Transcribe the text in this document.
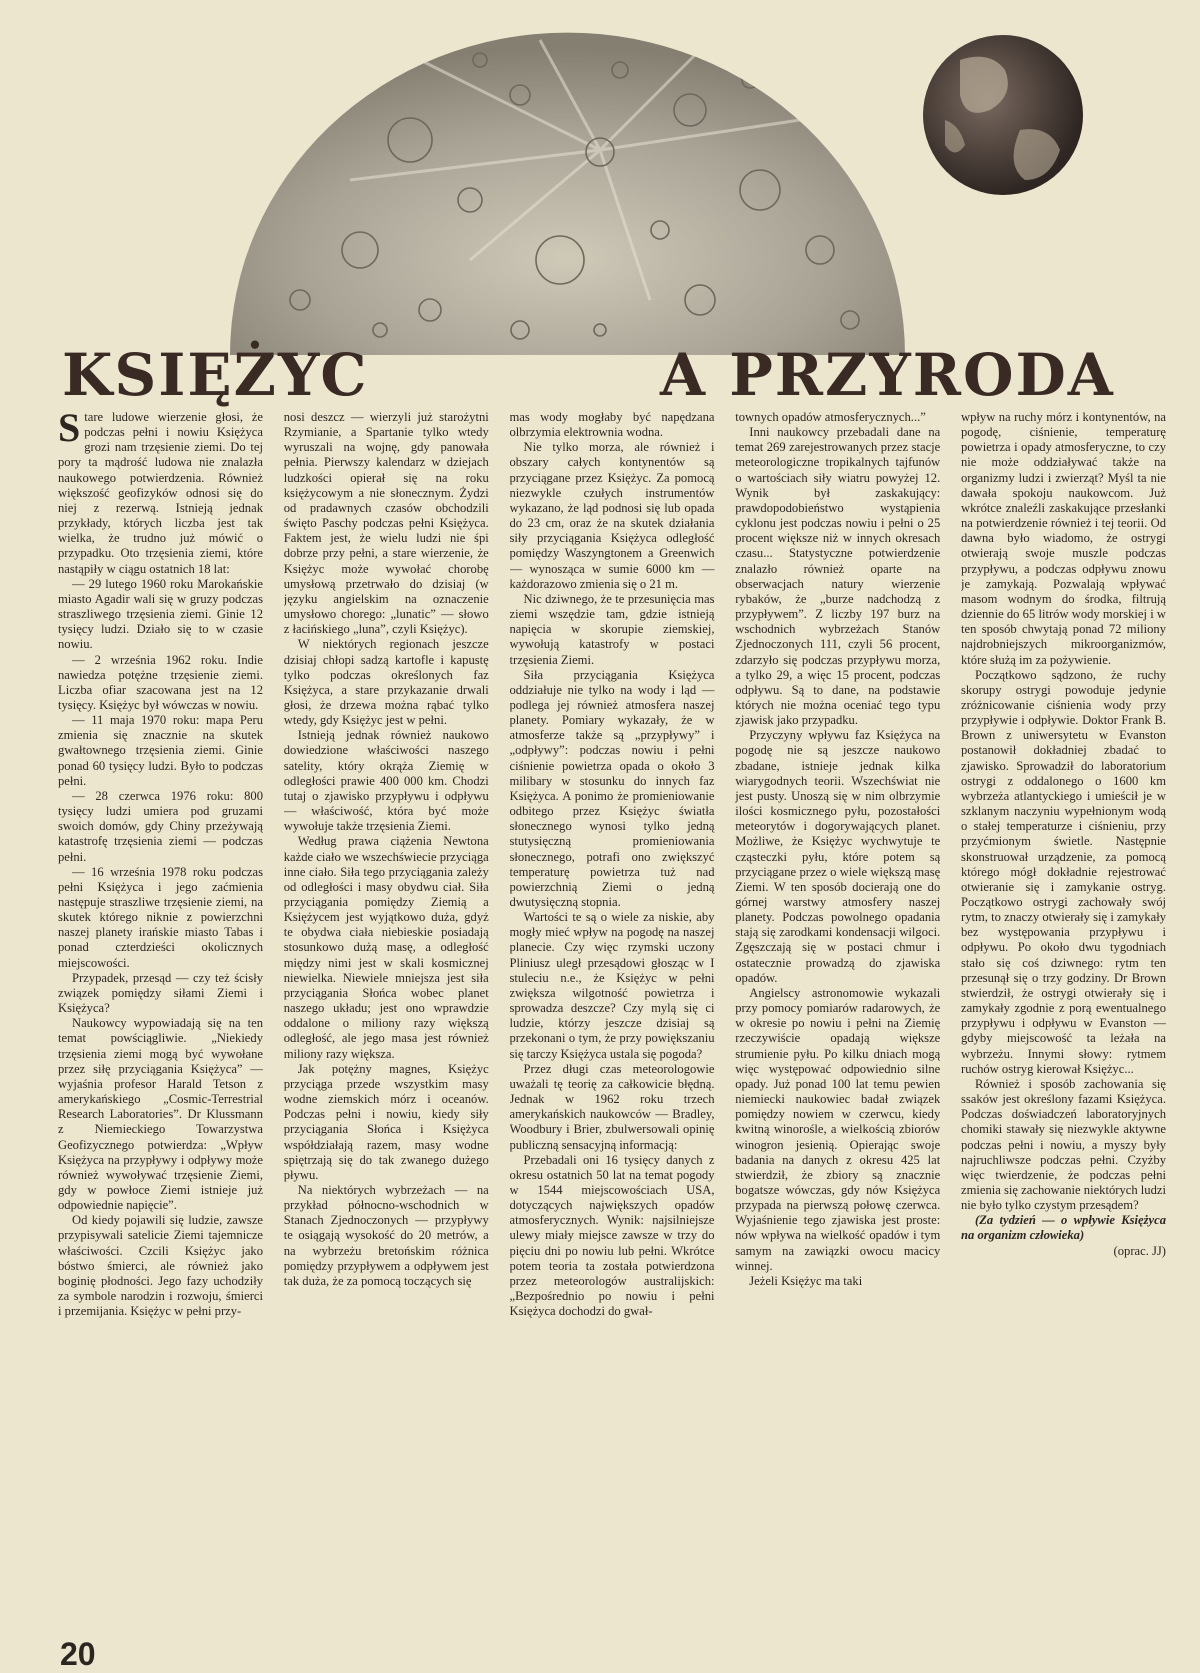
KSIĘŻYC	A PRZYRODA

Stare ludowe wierzenie głosi, że podczas pełni i nowiu Księżyca grozi nam trzęsienie ziemi. Do tej pory ta mądrość ludowa nie znalazła naukowego potwierdzenia. Również większość geofizyków odnosi się do niej z rezerwą. Istnieją jednak przykłady, których liczba jest tak wielka, że trudno już mówić o przypadku. Oto trzęsienia ziemi, które nastąpiły w ciągu ostatnich 18 lat:

— 29 lutego 1960 roku Marokańskie miasto Agadir wali się w gruzy podczas straszliwego trzęsienia ziemi. Ginie 12 tysięcy ludzi. Działo się to w czasie nowiu.

— 2 września 1962 roku. Indie nawiedza potężne trzęsienie ziemi. Liczba ofiar szacowana jest na 12 tysięcy. Księżyc był wówczas w nowiu.

— 11 maja 1970 roku: mapa Peru zmienia się znacznie na skutek gwałtownego trzęsienia ziemi. Ginie ponad 60 tysięcy ludzi. Było to podczas pełni.

— 28 czerwca 1976 roku: 800 tysięcy ludzi umiera pod gruzami swoich domów, gdy Chiny przeżywają katastrofę trzęsienia ziemi — podczas pełni.

— 16 września 1978 roku podczas pełni Księżyca i jego zaćmienia następuje straszliwe trzęsienie ziemi, na skutek którego niknie z powierzchni naszej planety irańskie miasto Tabas i ponad czterdzieści okolicznych miejscowości.

Przypadek, przesąd — czy też ścisły związek pomiędzy siłami Ziemi i Księżyca?

Naukowcy wypowiadają się na ten temat powściągliwie. „Niekiedy trzęsienia ziemi mogą być wywołane przez siłę przyciągania Księżyca” — wyjaśnia profesor Harald Tetson z amerykańskiego „Cosmic-Terrestrial Research Laboratories”. Dr Klussmann z Niemieckiego Towarzystwa Geofizycznego potwierdza: „Wpływ Księżyca na przypływy i odpływy może również wywoływać trzęsienie Ziemi, gdy w powłoce Ziemi istnieje już odpowiednie napięcie”.

Od kiedy pojawili się ludzie, zawsze przypisywali satelicie Ziemi tajemnicze właściwości. Czcili Księżyc jako bóstwo śmierci, ale również jako boginię płodności. Jego fazy uchodziły za symbole narodzin i rozwoju, śmierci i przemijania. Księżyc w pełni przy-

nosi deszcz — wierzyli już starożytni Rzymianie, a Spartanie tylko wtedy wyruszali na wojnę, gdy panowała pełnia. Pierwszy kalendarz w dziejach ludzkości opierał się na roku księżycowym a nie słonecznym. Żydzi od pradawnych czasów obchodzili święto Paschy podczas pełni Księżyca. Faktem jest, że wielu ludzi nie śpi dobrze przy pełni, a stare wierzenie, że Księżyc może wywołać chorobę umysłową przetrwało do dzisiaj (w języku angielskim na oznaczenie umysłowo chorego: „lunatic” — słowo z łacińskiego „luna”, czyli Księżyc).

W niektórych regionach jeszcze dzisiaj chłopi sadzą kartofle i kapustę tylko podczas określonych faz Księżyca, a stare przykazanie drwali głosi, że drzewa można rąbać tylko wtedy, gdy Księżyc jest w pełni.

Istnieją jednak również naukowo dowiedzione właściwości naszego satelity, który okrąża Ziemię w odległości prawie 400 000 km. Chodzi tutaj o zjawisko przypływu i odpływu — właściwość, która być może wywołuje także trzęsienia Ziemi.

Według prawa ciążenia Newtona każde ciało we wszechświecie przyciąga inne ciało. Siła tego przyciągania zależy od odległości i masy obydwu ciał. Siła przyciągania pomiędzy Ziemią a Księżycem jest wyjątkowo duża, gdyż te obydwa ciała niebieskie posiadają stosunkowo dużą masę, a odległość między nimi jest w skali kosmicznej niewielka. Niewiele mniejsza jest siła przyciągania Słońca wobec planet naszego układu; jest ono wprawdzie oddalone o miliony razy większą odległość, ale jego masa jest również miliony razy większa.

Jak potężny magnes, Księżyc przyciąga przede wszystkim masy wodne ziemskich mórz i oceanów. Podczas pełni i nowiu, kiedy siły przyciągania Słońca i Księżyca współdziałają razem, masy wodne spiętrzają się do tak zwanego dużego pływu.

Na niektórych wybrzeżach — na przykład północno-wschodnich w Stanach Zjednoczonych — przypływy te osiągają wysokość do 20 metrów, a na wybrzeżu bretońskim różnica pomiędzy przypływem a odpływem jest tak duża, że za pomocą toczących się

mas wody mogłaby być napędzana olbrzymia elektrownia wodna.

Nie tylko morza, ale również i obszary całych kontynentów są przyciągane przez Księżyc. Za pomocą niezwykle czułych instrumentów wykazano, że ląd podnosi się lub opada do 23 cm, oraz że na skutek działania siły przyciągania Księżyca odległość pomiędzy Waszyngtonem a Greenwich — wynosząca w sumie 6000 km — każdorazowo zmienia się o 21 m.

Nic dziwnego, że te przesunięcia mas ziemi wszędzie tam, gdzie istnieją napięcia w skorupie ziemskiej, wywołują katastrofy w postaci trzęsienia Ziemi.

Siła przyciągania Księżyca oddziałuje nie tylko na wody i ląd — podlega jej również atmosfera naszej planety. Pomiary wykazały, że w atmosferze także są „przypływy” i „odpływy”: podczas nowiu i pełni ciśnienie powietrza opada o około 3 milibary w stosunku do innych faz Księżyca. A ponimo że promieniowanie odbitego przez Księżyc światła słonecznego wynosi tylko jedną stutysięczną promieniowania słonecznego, potrafi ono zwiększyć temperaturę powietrza tuż nad powierzchnią Ziemi o jedną dwutysięczną stopnia.

Wartości te są o wiele za niskie, aby mogły mieć wpływ na pogodę na naszej planecie. Czy więc rzymski uczony Pliniusz uległ przesądowi głosząc w I stuleciu n.e., że Księżyc w pełni zwiększa wilgotność powietrza i sprowadza deszcze? Czy mylą się ci ludzie, którzy jeszcze dzisiaj są przekonani o tym, że przy powiększaniu się tarczy Księżyca ustala się pogoda?

Przez długi czas meteorologowie uważali tę teorię za całkowicie błędną. Jednak w 1962 roku trzech amerykańskich naukowców — Bradley, Woodbury i Brier, zbulwersowali opinię publiczną sensacyjną informacją:

Przebadali oni 16 tysięcy danych z okresu ostatnich 50 lat na temat pogody w 1544 miejscowościach USA, dotyczących największych opadów atmosferycznych. Wynik: najsilniejsze ulewy miały miejsce zawsze w trzy do pięciu dni po nowiu lub pełni. Wkrótce potem teoria ta została potwierdzona przez meteorologów australijskich: „Bezpośrednio po nowiu i pełni Księżyca dochodzi do gwał-

townych opadów atmosferycznych...”

Inni naukowcy przebadali dane na temat 269 zarejestrowanych przez stacje meteorologiczne tropikalnych tajfunów o wartościach siły wiatru powyżej 12. Wynik był zaskakujący: prawdopodobieństwo wystąpienia cyklonu jest podczas nowiu i pełni o 25 procent większe niż w innych okresach czasu... Statystyczne potwierdzenie znalazło również oparte na obserwacjach natury wierzenie rybaków, że „burze nadchodzą z przypływem”. Z liczby 197 burz na wschodnich wybrzeżach Stanów Zjednoczonych 111, czyli 56 procent, zdarzyło się podczas przypływu morza, a tylko 29, a więc 15 procent, podczas odpływu. Są to dane, na podstawie których nie można oceniać tego typu zjawisk jako przypadku.

Przyczyny wpływu faz Księżyca na pogodę nie są jeszcze naukowo zbadane, istnieje jednak kilka wiarygodnych teorii. Wszechświat nie jest pusty. Unoszą się w nim olbrzymie ilości kosmicznego pyłu, pozostałości meteorytów i dogorywających planet. Możliwe, że Księżyc wychwytuje te cząsteczki pyłu, które potem są przyciągane przez o wiele większą masę Ziemi. W ten sposób docierają one do górnej warstwy atmosfery naszej planety. Podczas powolnego opadania stają się zarodkami kondensacji wilgoci. Zgęszczają się w postaci chmur i ostatecznie prowadzą do zjawiska opadów.

Angielscy astronomowie wykazali przy pomocy pomiarów radarowych, że w okresie po nowiu i pełni na Ziemię rzeczywiście opadają większe strumienie pyłu. Po kilku dniach mogą więc występować odpowiednio silne opady. Już ponad 100 lat temu pewien niemiecki naukowiec badał związek pomiędzy nowiem w czerwcu, kiedy kwitną winorośle, a wielkością zbiorów winogron jesienią. Opierając swoje badania na danych z okresu 425 lat stwierdził, że zbiory są znacznie bogatsze wówczas, gdy nów Księżyca przypada na pierwszą połowę czerwca. Wyjaśnienie tego zjawiska jest proste: nów wpływa na wielkość opadów i tym samym na zawiązki owocu macicy winnej.

Jeżeli Księżyc ma taki

wpływ na ruchy mórz i kontynentów, na pogodę, ciśnienie, temperaturę powietrza i opady atmosferyczne, to czy nie może oddziaływać także na organizmy ludzi i zwierząt? Myśl ta nie dawała spokoju naukowcom. Już wkrótce znaleźli zaskakujące przesłanki na potwierdzenie również i tej teorii. Od dawna było wiadomo, że ostrygi otwierają swoje muszle podczas przypływu, a podczas odpływu znowu je zamykają. Pozwalają wpływać masom wodnym do środka, filtrują dziennie do 65 litrów wody morskiej i w ten sposób chwytają ponad 72 miliony najdrobniejszych mikroorganizmów, które służą im za pożywienie.

Początkowo sądzono, że ruchy skorupy ostrygi powoduje jedynie zróżnicowanie ciśnienia wody przy przypływie i odpływie. Doktor Frank B. Brown z uniwersytetu w Evanston postanowił dokładniej zbadać to zjawisko. Sprowadził do laboratorium ostrygi z oddalonego o 1600 km wybrzeża atlantyckiego i umieścił je w szklanym naczyniu wypełnionym wodą o stałej temperaturze i ciśnieniu, przy przyćmionym świetle. Następnie skonstruował urządzenie, za pomocą którego mógł dokładnie rejestrować otwieranie się i zamykanie ostryg. Początkowo ostrygi zachowały swój rytm, to znaczy otwierały się i zamykały bez występowania przypływu i odpływu. Po około dwu tygodniach stało się coś dziwnego: rytm ten przesunął się o trzy godziny. Dr Brown stwierdził, że ostrygi otwierały się i zamykały zgodnie z porą ewentualnego przypływu i odpływu w Evanston — gdyby miejscowość ta leżała na wybrzeżu. Innymi słowy: rytmem ruchów ostryg kierował Księżyc...

Również i sposób zachowania się ssaków jest określony fazami Księżyca. Podczas doświadczeń laboratoryjnych chomiki stawały się niezwykle aktywne podczas pełni i nowiu, a myszy były najruchliwsze podczas pełni. Czyżby więc twierdzenie, że podczas pełni zmienia się zachowanie niektórych ludzi nie było tylko czystym przesądem?

(Za tydzień — o wpływie Księżyca na organizm człowieka)

(oprac. JJ)

20
